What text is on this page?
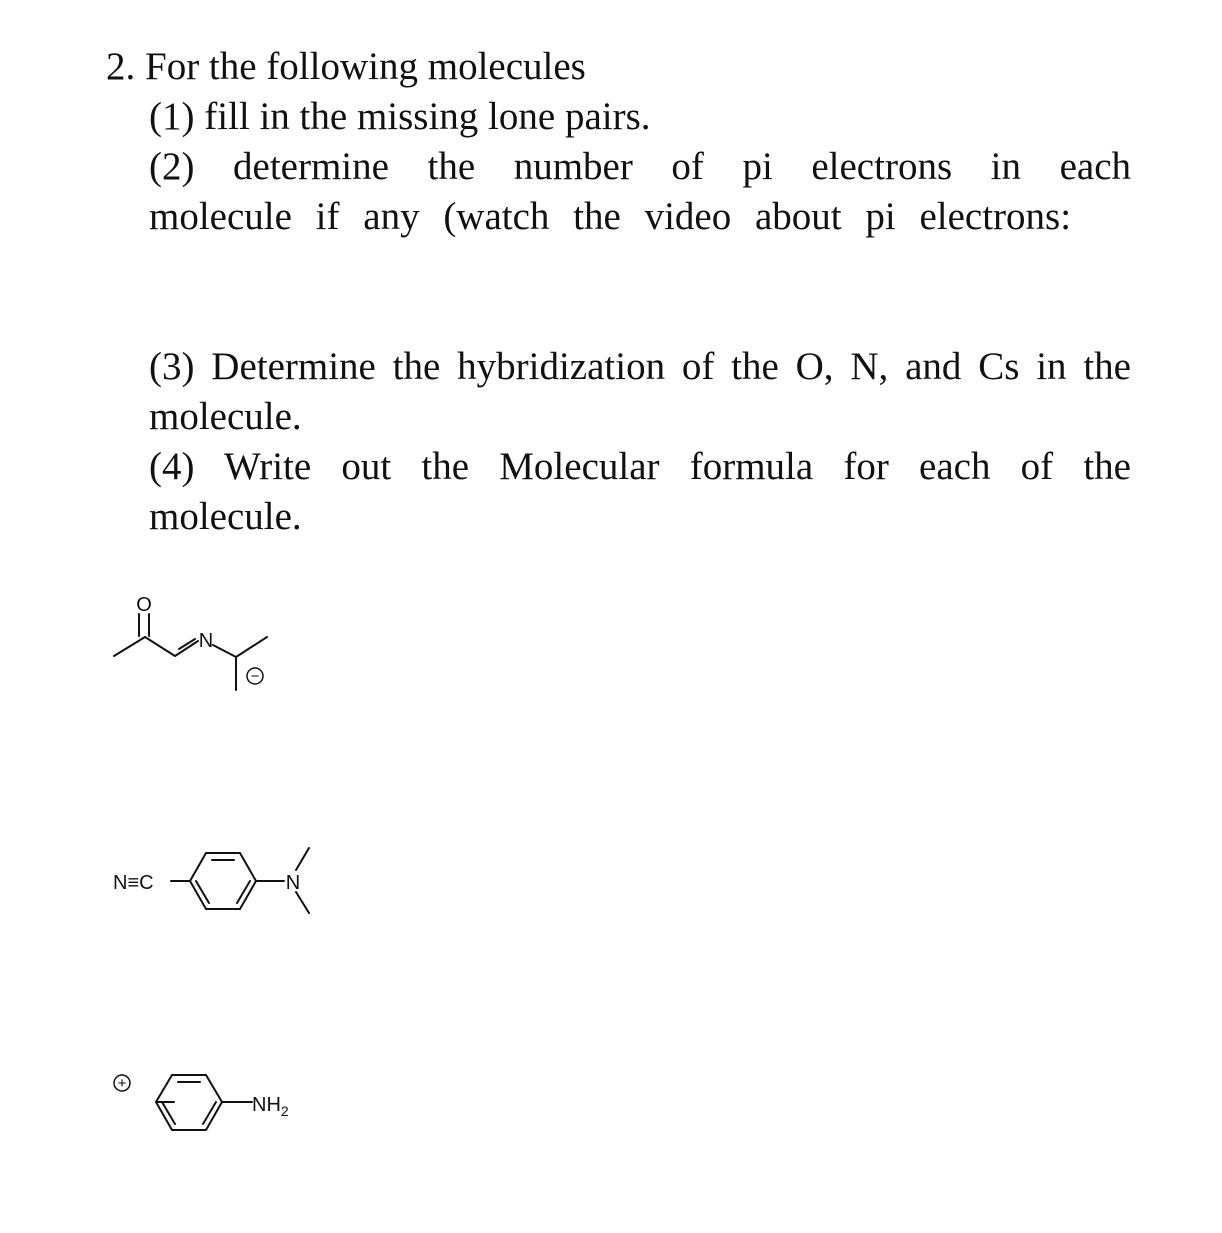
2. For the following molecules
(1) fill in the missing lone pairs.
(2) determine the number of pi electrons in each molecule if any (watch the video about pi electrons:
(3) Determine the hybridization of the O, N, and Cs in the molecule.
(4) Write out the Molecular formula for each of the molecule.
O
N
−
N≡C	N
+
$NH_2$
